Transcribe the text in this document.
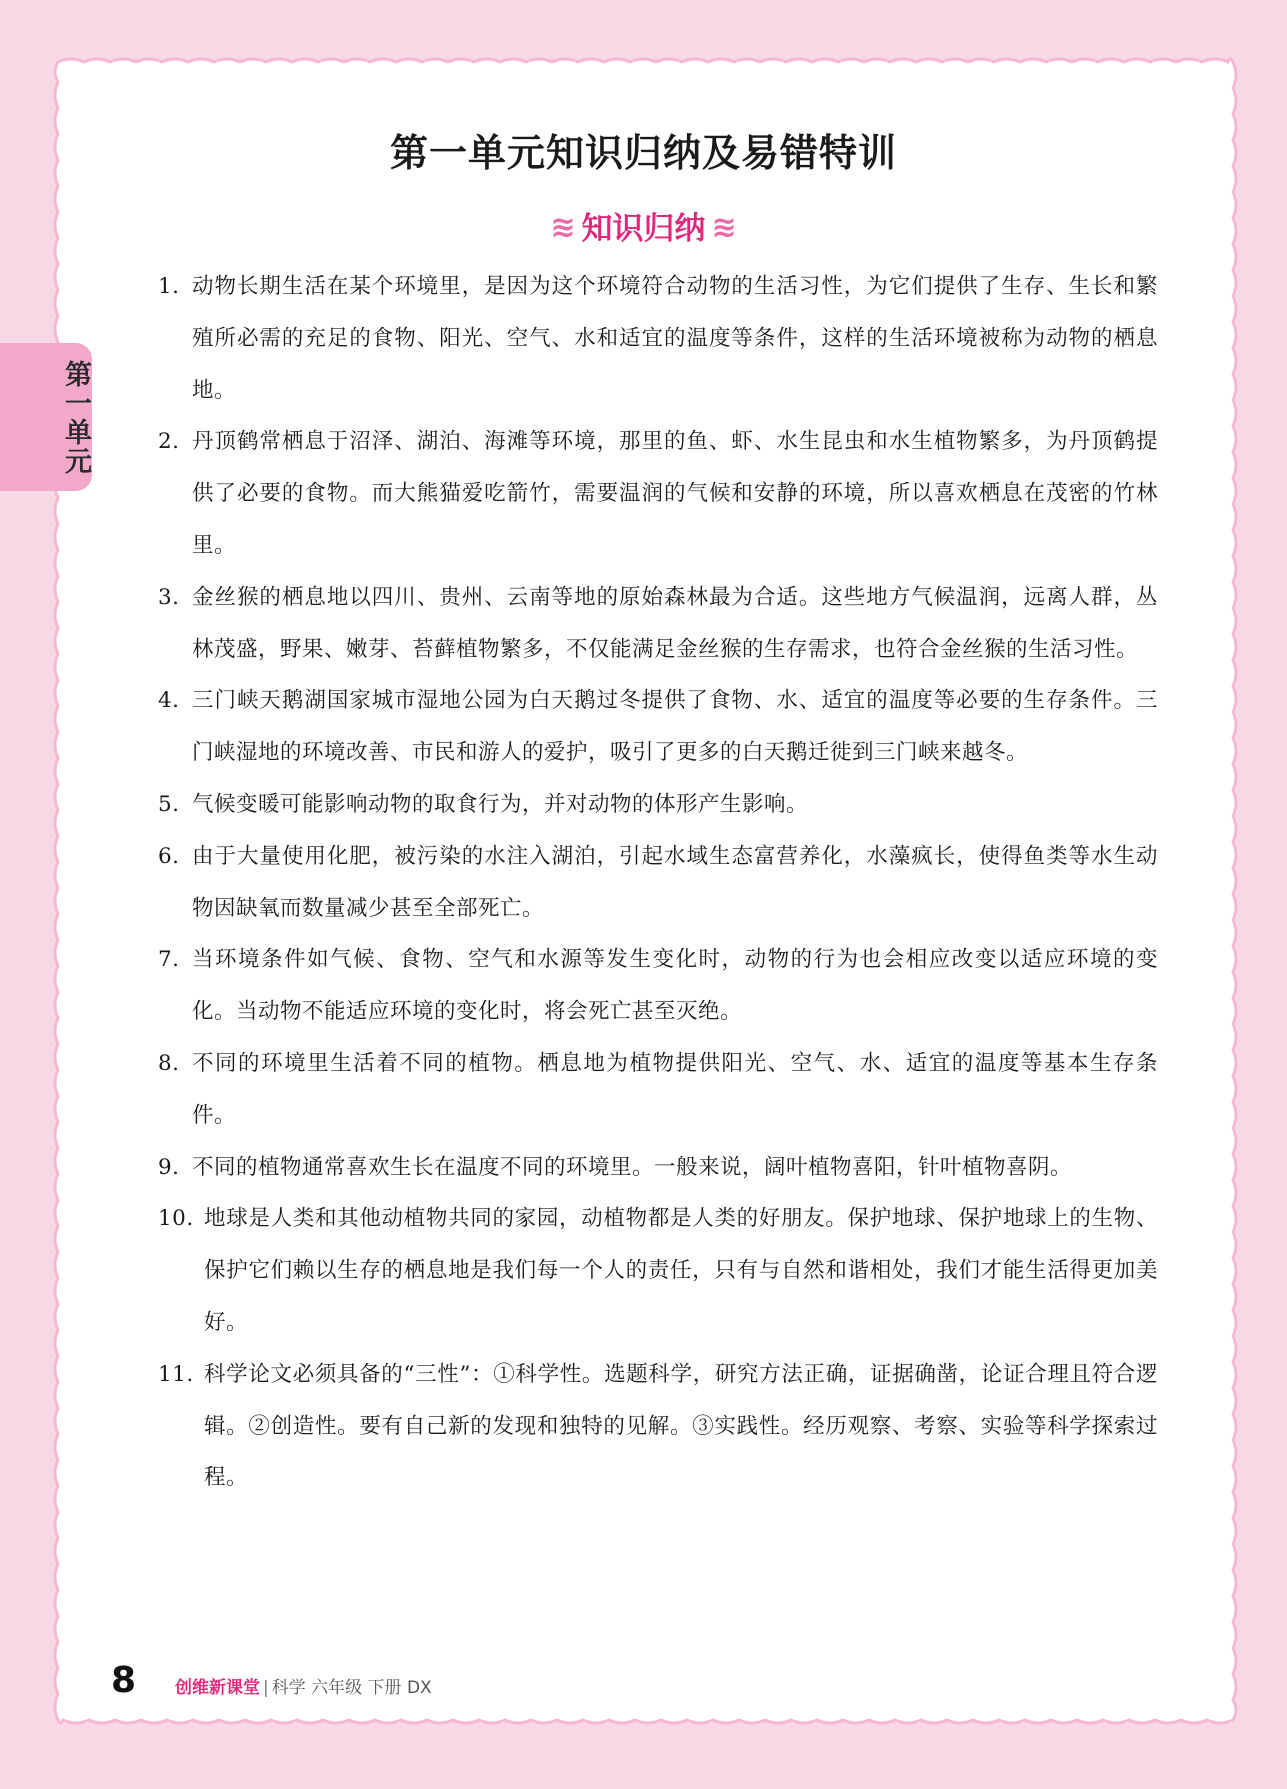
第一单元
第一单元知识归纳及易错特训
≋ 知识归纳 ≋
1. 动物长期生活在某个环境里，是因为这个环境符合动物的生活习性，为它们提供了生存、生长和繁殖所必需的充足的食物、阳光、空气、水和适宜的温度等条件，这样的生活环境被称为动物的栖息地。
2. 丹顶鹤常栖息于沼泽、湖泊、海滩等环境，那里的鱼、虾、水生昆虫和水生植物繁多，为丹顶鹤提供了必要的食物。而大熊猫爱吃箭竹，需要温润的气候和安静的环境，所以喜欢栖息在茂密的竹林里。
3. 金丝猴的栖息地以四川、贵州、云南等地的原始森林最为合适。这些地方气候温润，远离人群，丛林茂盛，野果、嫩芽、苔藓植物繁多，不仅能满足金丝猴的生存需求，也符合金丝猴的生活习性。
4. 三门峡天鹅湖国家城市湿地公园为白天鹅过冬提供了食物、水、适宜的温度等必要的生存条件。三门峡湿地的环境改善、市民和游人的爱护，吸引了更多的白天鹅迁徙到三门峡来越冬。
5. 气候变暖可能影响动物的取食行为，并对动物的体形产生影响。
6. 由于大量使用化肥，被污染的水注入湖泊，引起水域生态富营养化，水藻疯长，使得鱼类等水生动物因缺氧而数量减少甚至全部死亡。
7. 当环境条件如气候、食物、空气和水源等发生变化时，动物的行为也会相应改变以适应环境的变化。当动物不能适应环境的变化时，将会死亡甚至灭绝。
8. 不同的环境里生活着不同的植物。栖息地为植物提供阳光、空气、水、适宜的温度等基本生存条件。
9. 不同的植物通常喜欢生长在温度不同的环境里。一般来说，阔叶植物喜阳，针叶植物喜阴。
10. 地球是人类和其他动植物共同的家园，动植物都是人类的好朋友。保护地球、保护地球上的生物、保护它们赖以生存的栖息地是我们每一个人的责任，只有与自然和谐相处，我们才能生活得更加美好。
11. 科学论文必须具备的“三性”：①科学性。选题科学，研究方法正确，证据确凿，论证合理且符合逻辑。②创造性。要有自己新的发现和独特的见解。③实践性。经历观察、考察、实验等科学探索过程。
8 创维新课堂 | 科学 六年级 下册 DX
